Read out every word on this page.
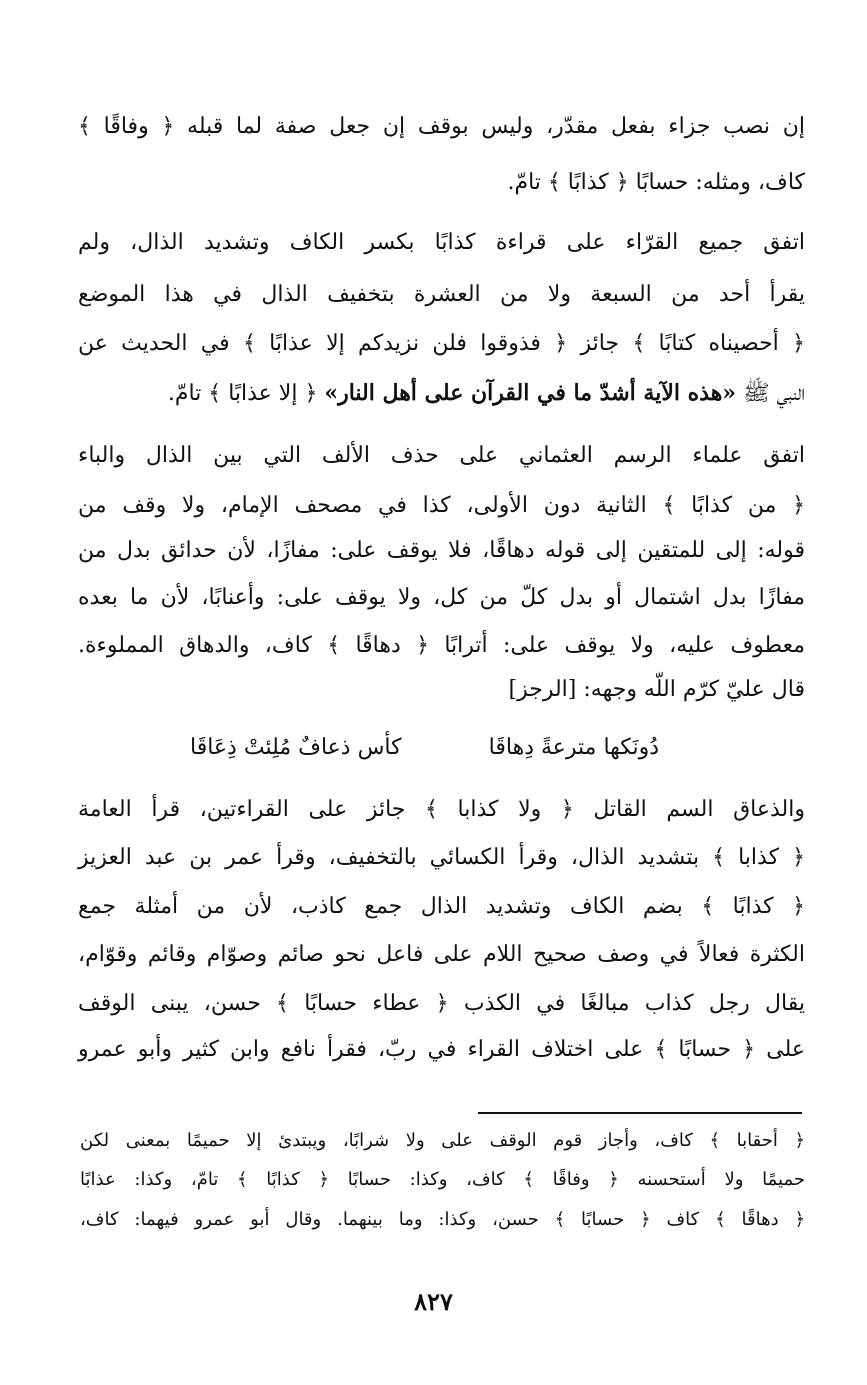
إن نصب جزاء بفعل مقدّر، وليس بوقف إن جعل صفة لما قبله ﴿ وفاقًا ﴾
كاف، ومثله: حسابًا ﴿ كذابًا ﴾ تامّ.
اتفق جميع القرّاء على قراءة كذابًا بكسر الكاف وتشديد الذال، ولم
يقرأ أحد من السبعة ولا من العشرة بتخفيف الذال في هذا الموضع
﴿ أحصيناه كتابًا ﴾ جائز ﴿ فذوقوا فلن نزيدكم إلا عذابًا ﴾ في الحديث عن
النبي ﷺ «هذه الآية أشدّ ما في القرآن على أهل النار» ﴿ إلا عذابًا ﴾ تامّ.
اتفق علماء الرسم العثماني على حذف الألف التي بين الذال والباء
﴿ من كذابًا ﴾ الثانية دون الأولى، كذا في مصحف الإمام، ولا وقف من
قوله: إلى للمتقين إلى قوله دهاقًا، فلا يوقف على: مفازًا، لأن حدائق بدل من
مفازًا بدل اشتمال أو بدل كلّ من كل، ولا يوقف على: وأعنابًا، لأن ما بعده
معطوف عليه، ولا يوقف على: أترابًا ﴿ دهاقًا ﴾ كاف، والدهاق المملوءة.
قال عليّ كرّم اللّه وجهه: [الرجز]
دُونَكها مترعةً دِهاقَا
كأس ذعافٌ مُلِئتْ ذِعَاقَا
والذعاق السم القاتل ﴿ ولا كذابا ﴾ جائز على القراءتين، قرأ العامة
﴿ كذابا ﴾ بتشديد الذال، وقرأ الكسائي بالتخفيف، وقرأ عمر بن عبد العزيز
﴿ كذابًا ﴾ بضم الكاف وتشديد الذال جمع كاذب، لأن من أمثلة جمع
الكثرة فعالاً في وصف صحيح اللام على فاعل نحو صائم وصوّام وقائم وقوّام،
يقال رجل كذاب مبالغًا في الكذب ﴿ عطاء حسابًا ﴾ حسن، يبنى الوقف
على ﴿ حسابًا ﴾ على اختلاف القراء في ربّ، فقرأ نافع وابن كثير وأبو عمرو
﴿ أحقابا ﴾ كاف، وأجاز قوم الوقف على ولا شرابًا، ويبتدئ إلا حميمًا بمعنى لكن
حميمًا ولا أستحسنه ﴿ وفاقًا ﴾ كاف، وكذا: حسابًا ﴿ كذابًا ﴾ تامّ، وكذا: عذابًا
﴿ دهاقًا ﴾ كاف ﴿ حسابًا ﴾ حسن، وكذا: وما بينهما. وقال أبو عمرو فيهما: كاف،
٨٢٧
